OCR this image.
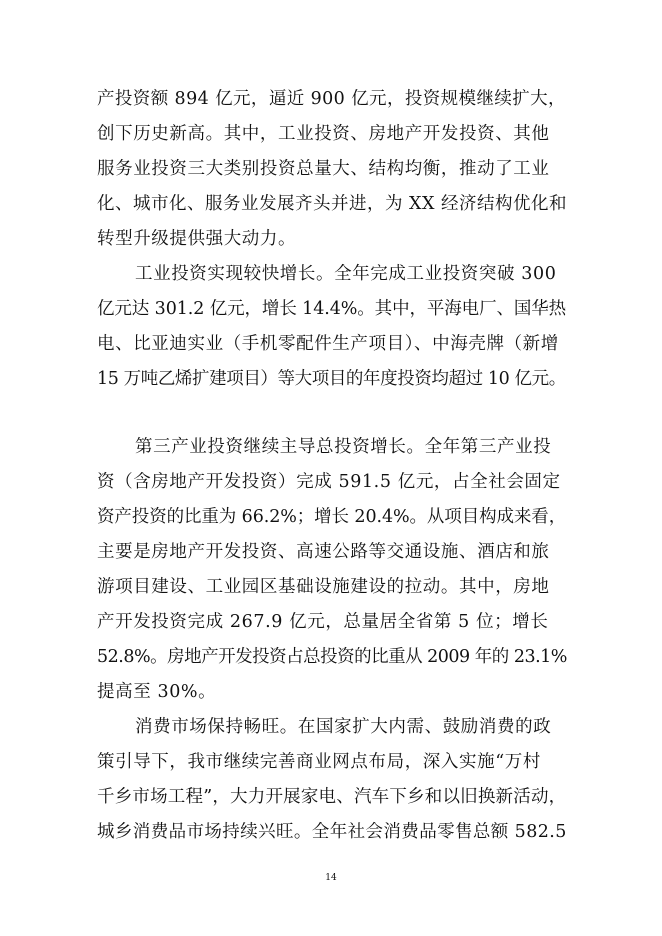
产投资额 894 亿元，逼近 900 亿元，投资规模继续扩大，
创下历史新高。其中，工业投资、房地产开发投资、其他
服务业投资三大类别投资总量大、结构均衡，推动了工业
化、城市化、服务业发展齐头并进，为 XX 经济结构优化和
转型升级提供强大动力。
工业投资实现较快增长。全年完成工业投资突破 300
亿元达 301.2 亿元，增长 14.4%。其中，平海电厂、国华热
电、比亚迪实业（手机零配件生产项目）、中海壳牌（新增
15 万吨乙烯扩建项目）等大项目的年度投资均超过 10 亿元。
第三产业投资继续主导总投资增长。全年第三产业投
资（含房地产开发投资）完成 591.5 亿元，占全社会固定
资产投资的比重为 66.2%；增长 20.4%。从项目构成来看，
主要是房地产开发投资、高速公路等交通设施、酒店和旅
游项目建设、工业园区基础设施建设的拉动。其中，房地
产开发投资完成 267.9 亿元，总量居全省第 5 位；增长
52.8%。房地产开发投资占总投资的比重从 2009 年的 23.1%
提高至 30%。
消费市场保持畅旺。在国家扩大内需、鼓励消费的政
策引导下，我市继续完善商业网点布局，深入实施“万村
千乡市场工程”，大力开展家电、汽车下乡和以旧换新活动，
城乡消费品市场持续兴旺。全年社会消费品零售总额 582.5
14
